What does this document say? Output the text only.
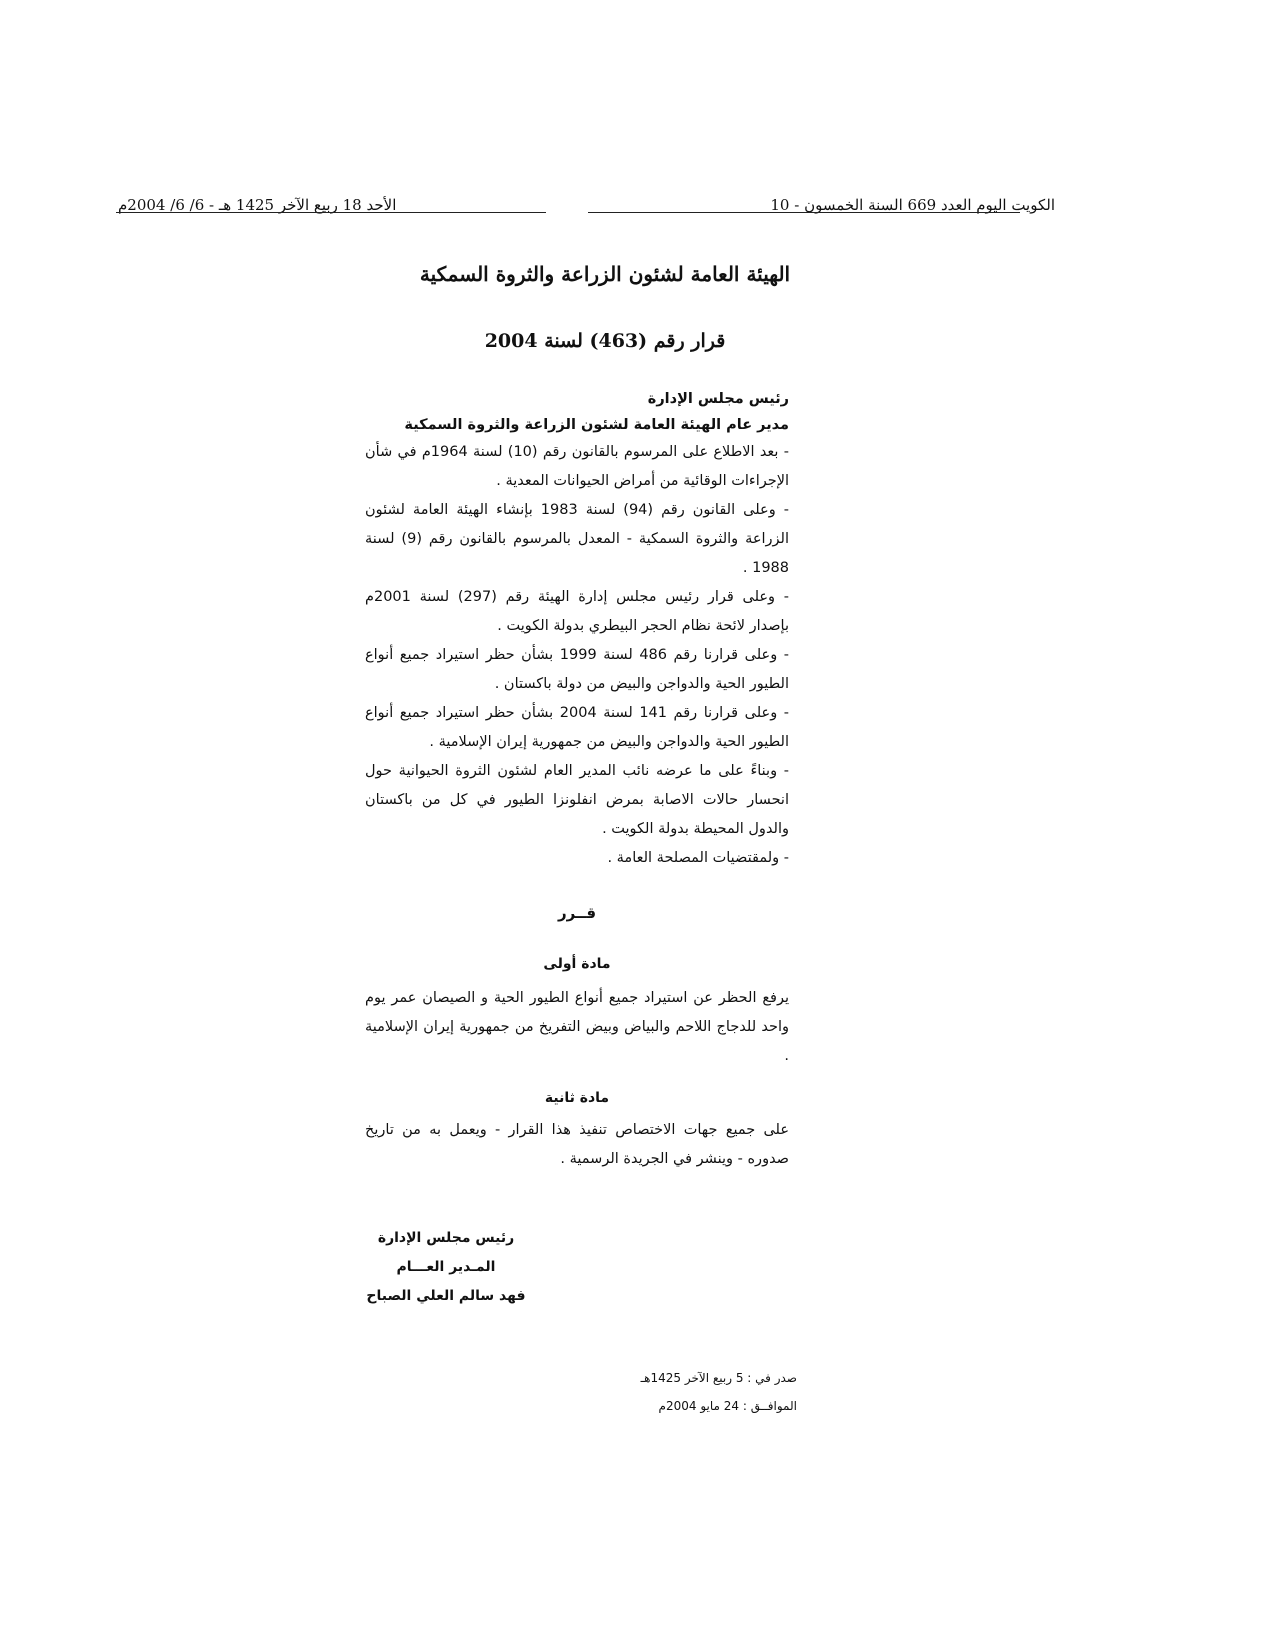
الكويت اليوم العدد 669 السنة الخمسون - 10
الأحد 18 ربيع الآخر 1425 هـ - 6/ 6/ 2004م
الهيئة العامة لشئون الزراعة والثروة السمكية
قرار رقم (463) لسنة 2004
رئيس مجلس الإدارة
مدير عام الهيئة العامة لشئون الزراعة والثروة السمكية

- بعد الاطلاع على المرسوم بالقانون رقم (10) لسنة 1964م في شأن الإجراءات الوقائية من أمراض الحيوانات المعدية .

- وعلى القانون رقم (94) لسنة 1983 بإنشاء الهيئة العامة لشئون الزراعة والثروة السمكية - المعدل بالمرسوم بالقانون رقم (9) لسنة 1988 .

- وعلى قرار رئيس مجلس إدارة الهيئة رقم (297) لسنة 2001م بإصدار لائحة نظام الحجر البيطري بدولة الكويت .

- وعلى قرارنا رقم 486 لسنة 1999 بشأن حظر استيراد جميع أنواع الطيور الحية والدواجن والبيض من دولة باكستان .

- وعلى قرارنا رقم 141 لسنة 2004 بشأن حظر استيراد جميع أنواع الطيور الحية والدواجن والبيض من جمهورية إيران الإسلامية .

- وبناءً على ما عرضه نائب المدير العام لشئون الثروة الحيوانية حول انحسار حالات الاصابة بمرض انفلونزا الطيور في كل من باكستان والدول المحيطة بدولة الكويت .

- ولمقتضيات المصلحة العامة .

قــرر
مادة أولى
يرفع الحظر عن استيراد جميع أنواع الطيور الحية و الصيصان عمر يوم واحد للدجاج اللاحم والبياض وبيض التفريخ من جمهورية إيران الإسلامية .
مادة ثانية
على جميع جهات الاختصاص تنفيذ هذا القرار - ويعمل به من تاريخ صدوره - وينشر في الجريدة الرسمية .
رئيس مجلس الإدارة
المـدير العـــام
فهد سالم العلي الصباح
صدر في : 5 ربيع الآخر 1425هـ
الموافــق : 24 مايو 2004م
